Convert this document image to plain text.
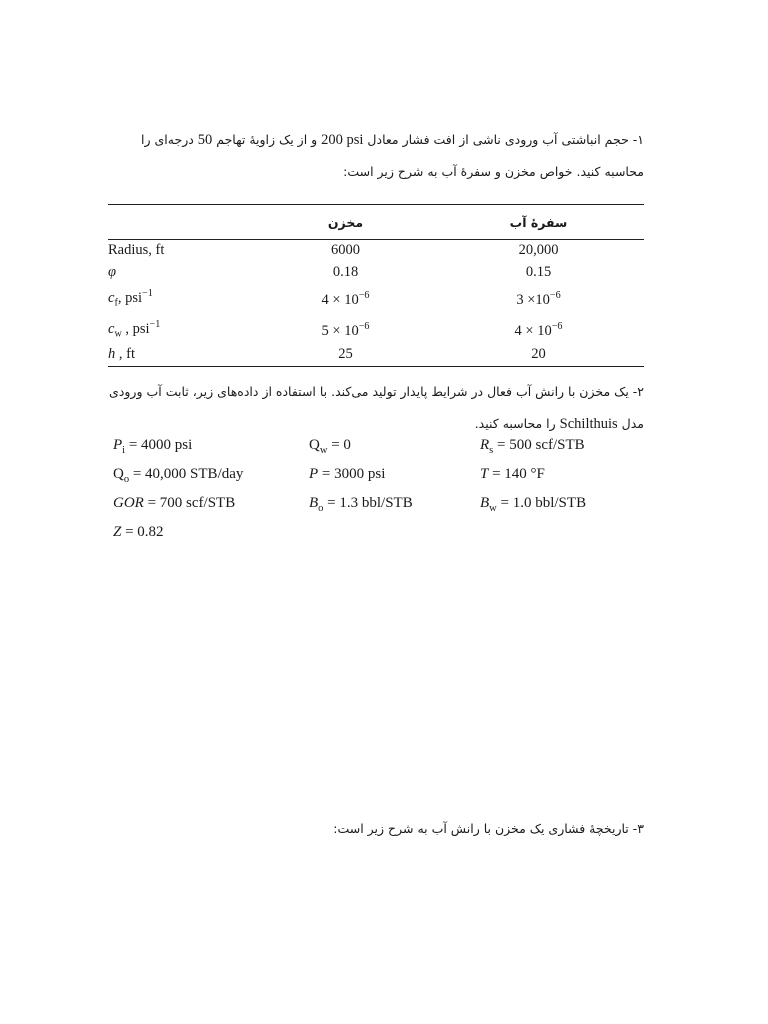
۱- حجم انباشتی آب ورودی ناشی از افت فشار معادل 200 psi و از یک زاویهٔ تهاجم 50 درجه‌ای را محاسبه کنید. خواص مخزن و سفرهٔ آب به شرح زیر است:
	مخزن	سفرهٔ آب
Radius, ft	6000	20,000
φ	0.18	0.15
$c_f$, psi$^{-1}$	$4 \times 10^{-6}$	$3 \times 10^{-6}$
$c_w$ , psi$^{-1}$	$5 \times 10^{-6}$	$4 \times 10^{-6}$
h , ft	25	20
۲- یک مخزن با رانش آب فعال در شرایط پایدار تولید می‌کند. با استفاده از داده‌های زیر، ثابت آب ورودی
مدل Schilthuis را محاسبه کنید.
$P_i = 4000$ psi	$Q_w = 0$	$R_s = 500$ scf/STB
$Q_o = 40,000$ STB/day	P = 3000 psi	T = 140 °F
GOR = 700 scf/STB	$B_o = 1.3$ bbl/STB	$B_w = 1.0$ bbl/STB
Z = 0.82
۳- تاریخچهٔ فشاری یک مخزن با رانش آب به شرح زیر است:
